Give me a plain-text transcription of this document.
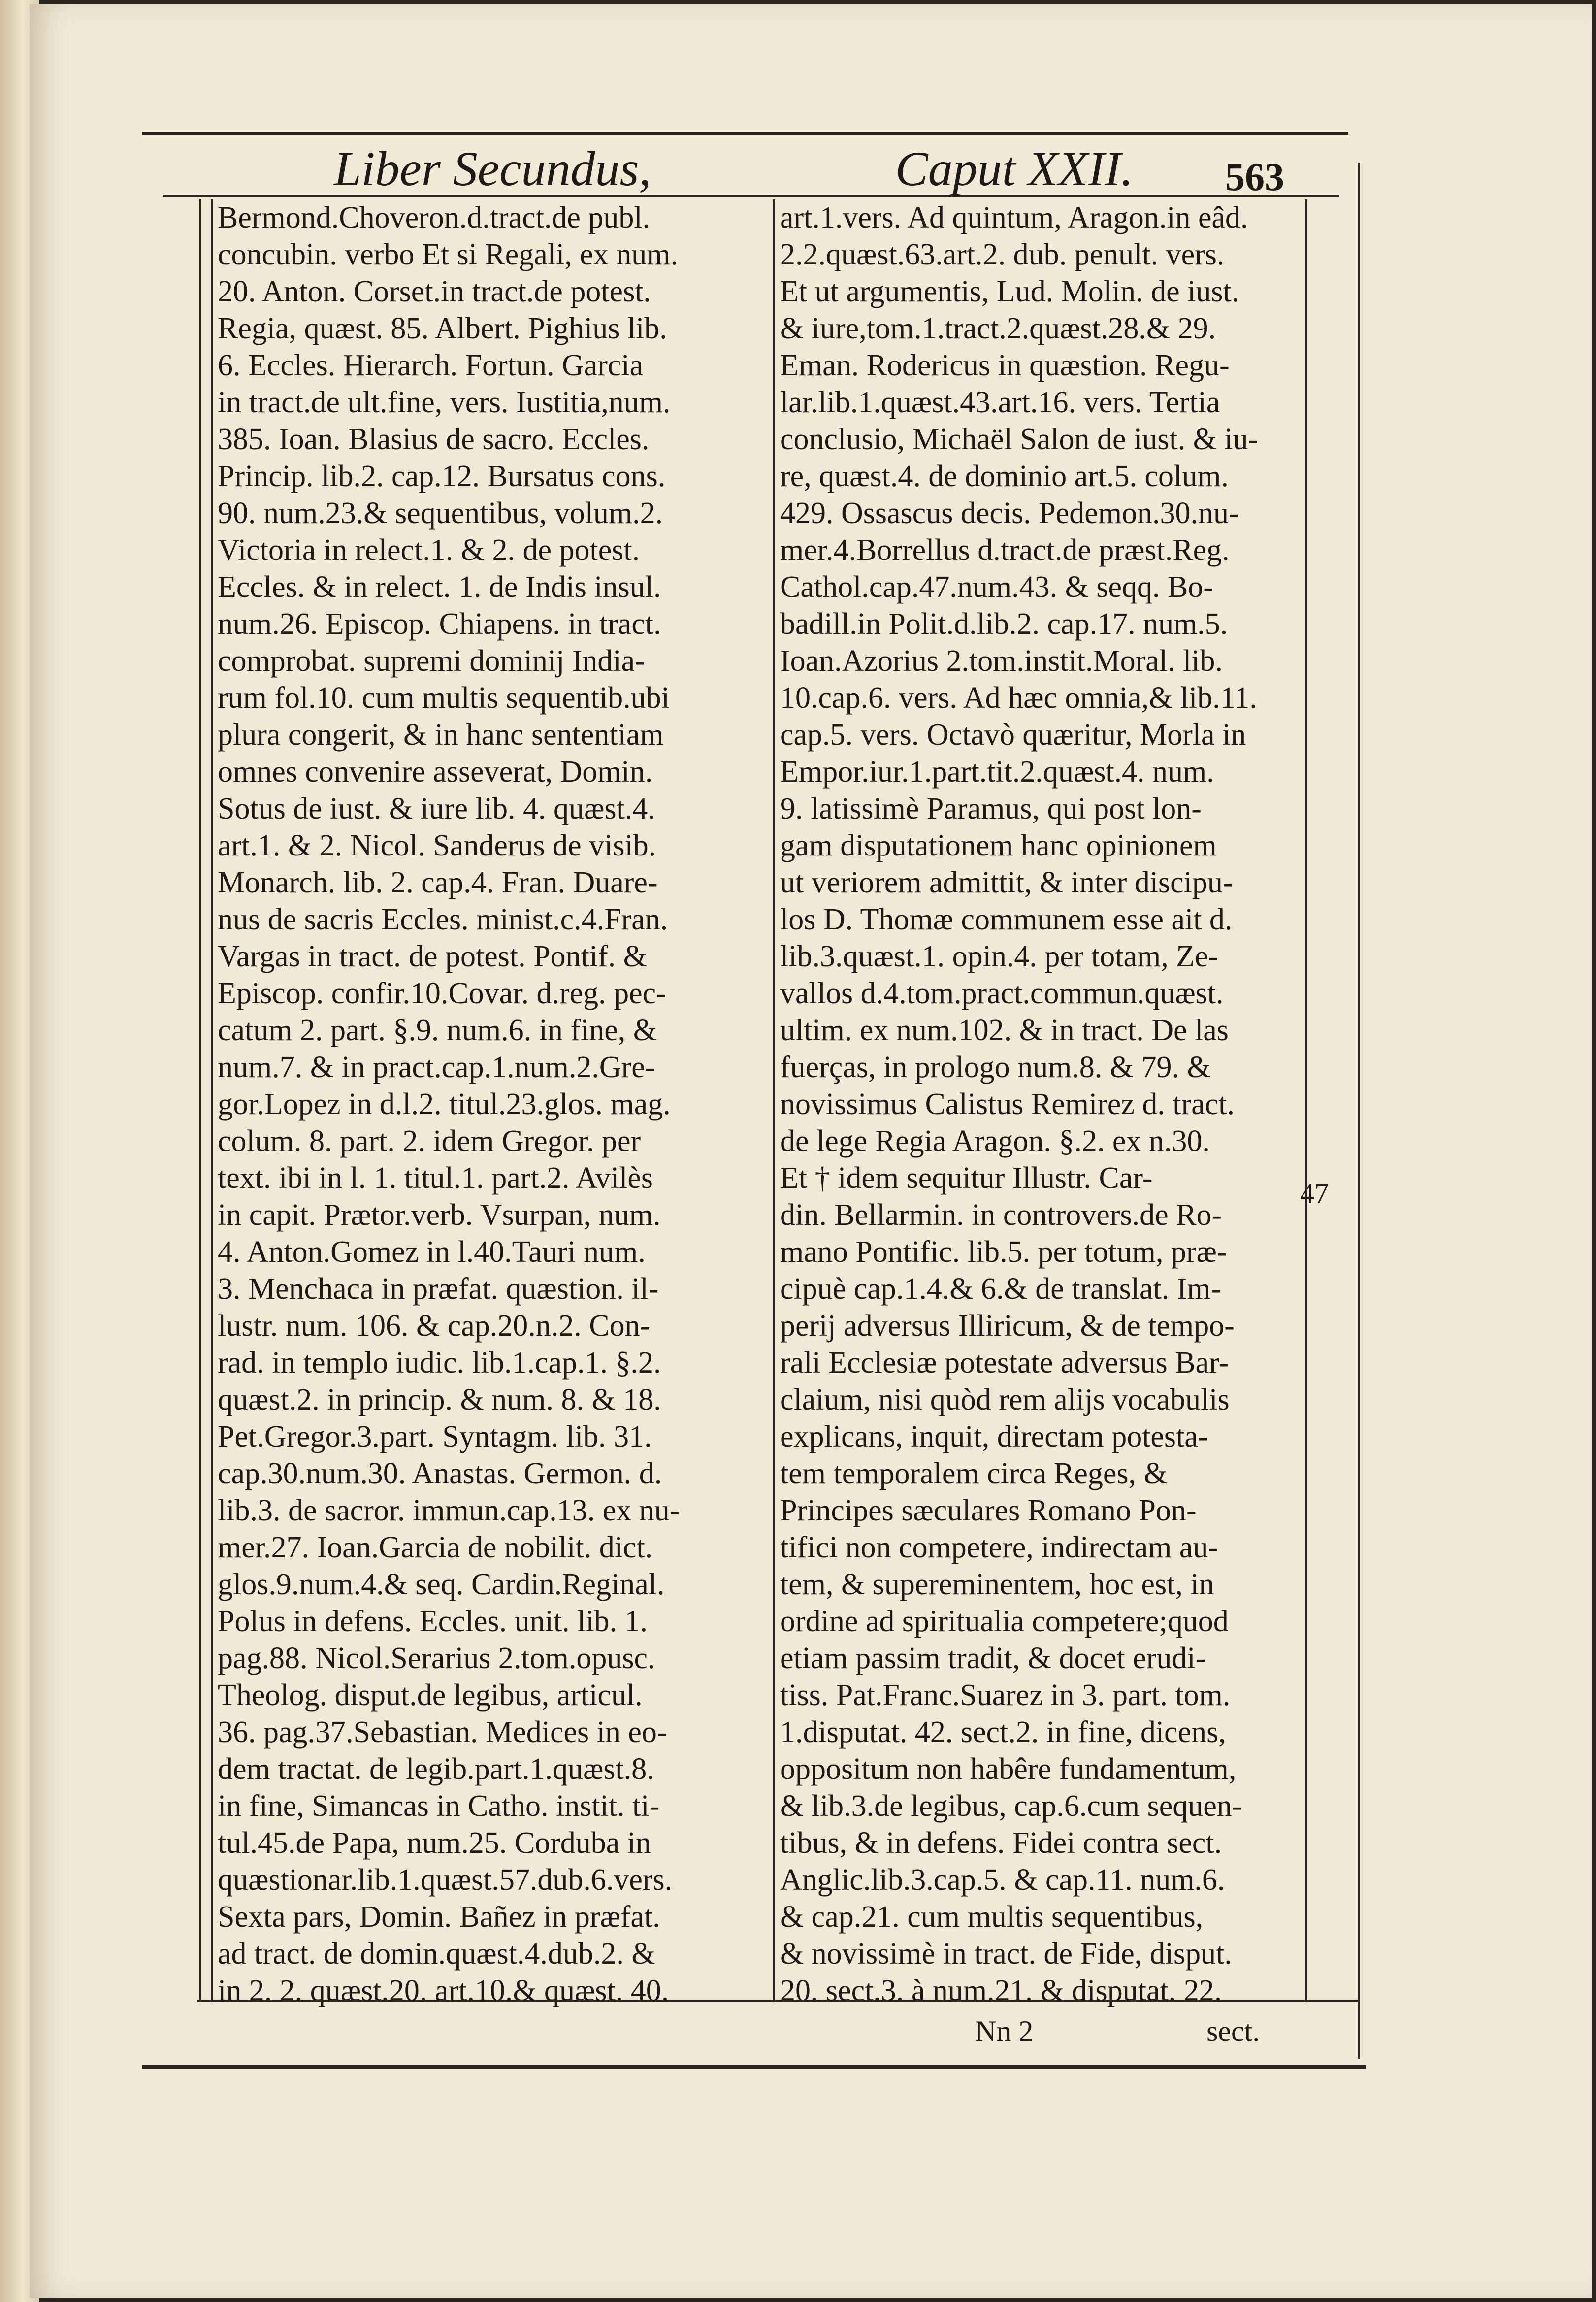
Liber Secundus,	Caput XXII. 563
Bermond.Choveron.d.tract.de publ.
concubin. verbo Et si Regali, ex num.
20. Anton. Corset.in tract.de potest.
Regia, quæst. 85. Albert. Pighius lib.
6. Eccles. Hierarch. Fortun. Garcia
in tract.de ult.fine, vers. Iustitia,num.
385. Ioan. Blasius de sacro. Eccles.
Princip. lib.2. cap.12. Bursatus cons.
90. num.23.& sequentibus, volum.2.
Victoria in relect.1. & 2. de potest.
Eccles. & in relect. 1. de Indis insul.
num.26. Episcop. Chiapens. in tract.
comprobat. supremi dominij India-
rum fol.10. cum multis sequentib.ubi
plura congerit, & in hanc sententiam
omnes convenire asseverat, Domin.
Sotus de iust. & iure lib. 4. quæst.4.
art.1. & 2. Nicol. Sanderus de visib.
Monarch. lib. 2. cap.4. Fran. Duare-
nus de sacris Eccles. minist.c.4.Fran.
Vargas in tract. de potest. Pontif. &
Episcop. confir.10.Covar. d.reg. pec-
catum 2. part. §.9. num.6. in fine, &
num.7. & in pract.cap.1.num.2.Gre-
gor.Lopez in d.l.2. titul.23.glos. mag.
colum. 8. part. 2. idem Gregor. per
text. ibi in l. 1. titul.1. part.2. Avilès
in capit. Prætor.verb. Vsurpan, num.
4. Anton.Gomez in l.40.Tauri num.
3. Menchaca in præfat. quæstion. il-
lustr. num. 106. & cap.20.n.2. Con-
rad. in templo iudic. lib.1.cap.1. §.2.
quæst.2. in princip. & num. 8. & 18.
Pet.Gregor.3.part. Syntagm. lib. 31.
cap.30.num.30. Anastas. Germon. d.
lib.3. de sacror. immun.cap.13. ex nu-
mer.27. Ioan.Garcia de nobilit. dict.
glos.9.num.4.& seq. Cardin.Reginal.
Polus in defens. Eccles. unit. lib. 1.
pag.88. Nicol.Serarius 2.tom.opusc.
Theolog. disput.de legibus, articul.
36. pag.37.Sebastian. Medices in eo-
dem tractat. de legib.part.1.quæst.8.
in fine, Simancas in Catho. instit. ti-
tul.45.de Papa, num.25. Corduba in
quæstionar.lib.1.quæst.57.dub.6.vers.
Sexta pars, Domin. Bañez in præfat.
ad tract. de domin.quæst.4.dub.2. &
in 2. 2. quæst.20. art.10.& quæst. 40.
art.1.vers. Ad quintum, Aragon.in eâd.
2.2.quæst.63.art.2. dub. penult. vers.
Et ut argumentis, Lud. Molin. de iust.
& iure,tom.1.tract.2.quæst.28.& 29.
Eman. Rodericus in quæstion. Regu-
lar.lib.1.quæst.43.art.16. vers. Tertia
conclusio, Michaël Salon de iust. & iu-
re, quæst.4. de dominio art.5. colum.
429. Ossascus decis. Pedemon.30.nu-
mer.4.Borrellus d.tract.de præst.Reg.
Cathol.cap.47.num.43. & seqq. Bo-
badill.in Polit.d.lib.2. cap.17. num.5.
Ioan.Azorius 2.tom.instit.Moral. lib.
10.cap.6. vers. Ad hæc omnia,& lib.11.
cap.5. vers. Octavò quæritur, Morla in
Empor.iur.1.part.tit.2.quæst.4. num.
9. latissimè Paramus, qui post lon-
gam disputationem hanc opinionem
ut veriorem admittit, & inter discipu-
los D. Thomæ communem esse ait d.
lib.3.quæst.1. opin.4. per totam, Ze-
vallos d.4.tom.pract.commun.quæst.
ultim. ex num.102. & in tract. De las
fuerças, in prologo num.8. & 79. &
novissimus Calistus Remirez d. tract.
de lege Regia Aragon. §.2. ex n.30.
Et † idem sequitur Illustr. Car-
din. Bellarmin. in controvers.de Ro-
mano Pontific. lib.5. per totum, præ-
cipuè cap.1.4.& 6.& de translat. Im-
perij adversus Illiricum, & de tempo-
rali Ecclesiæ potestate adversus Bar-
claium, nisi quòd rem alijs vocabulis
explicans, inquit, directam potesta-
tem temporalem circa Reges, &
Principes sæculares Romano Pon-
tifici non competere, indirectam au-
tem, & supereminentem, hoc est, in
ordine ad spiritualia competere;quod
etiam passim tradit, & docet erudi-
tiss. Pat.Franc.Suarez in 3. part. tom.
1.disputat. 42. sect.2. in fine, dicens,
oppositum non habêre fundamentum,
& lib.3.de legibus, cap.6.cum sequen-
tibus, & in defens. Fidei contra sect.
Anglic.lib.3.cap.5. & cap.11. num.6.
& cap.21. cum multis sequentibus,
& novissimè in tract. de Fide, disput.
20. sect.3. à num.21. & disputat. 22.
47
Nn 2	sect.
